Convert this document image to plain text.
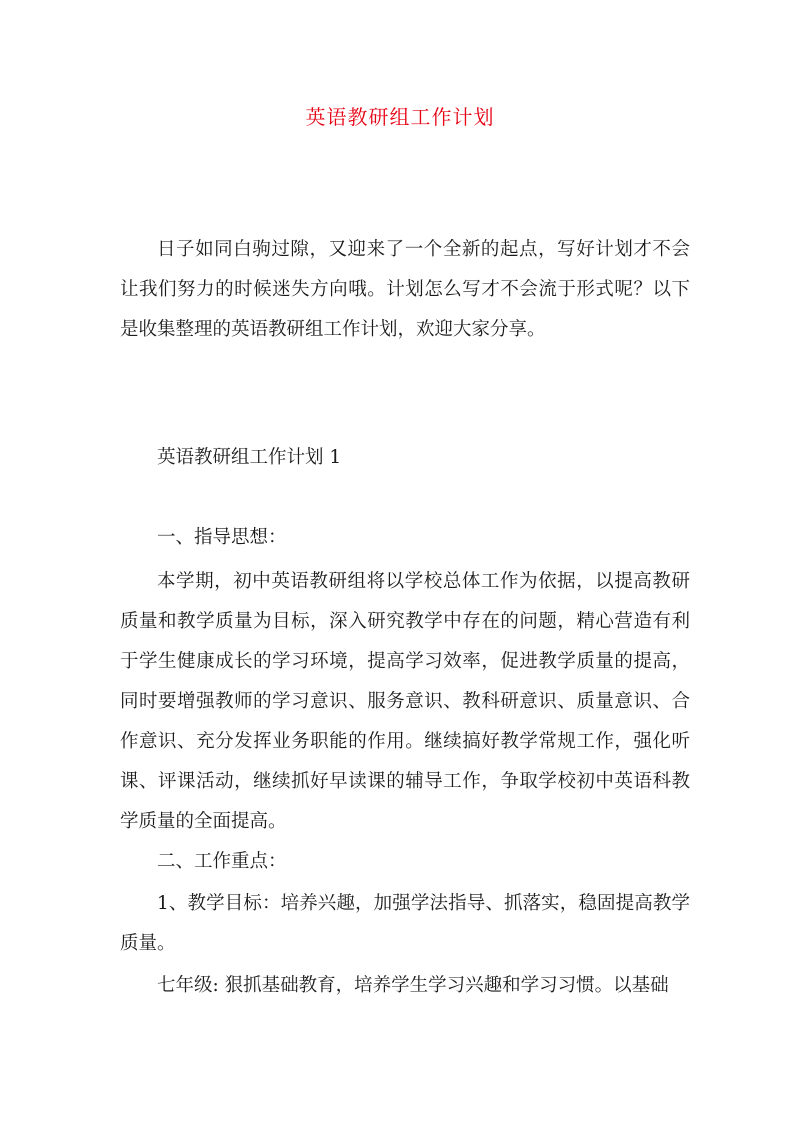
英语教研组工作计划

日子如同白驹过隙，又迎来了一个全新的起点，写好计划才不会让我们努力的时候迷失方向哦。计划怎么写才不会流于形式呢？以下是收集整理的英语教研组工作计划，欢迎大家分享。

英语教研组工作计划 1

一、指导思想：

本学期，初中英语教研组将以学校总体工作为依据，以提高教研质量和教学质量为目标，深入研究教学中存在的问题，精心营造有利于学生健康成长的学习环境，提高学习效率，促进教学质量的提高，同时要增强教师的学习意识、服务意识、教科研意识、质量意识、合作意识、充分发挥业务职能的作用。继续搞好教学常规工作，强化听课、评课活动，继续抓好早读课的辅导工作，争取学校初中英语科教学质量的全面提高。

二、工作重点：

1、教学目标：培养兴趣，加强学法指导、抓落实，稳固提高教学质量。

七年级: 狠抓基础教育，培养学生学习兴趣和学习习惯。以基础
